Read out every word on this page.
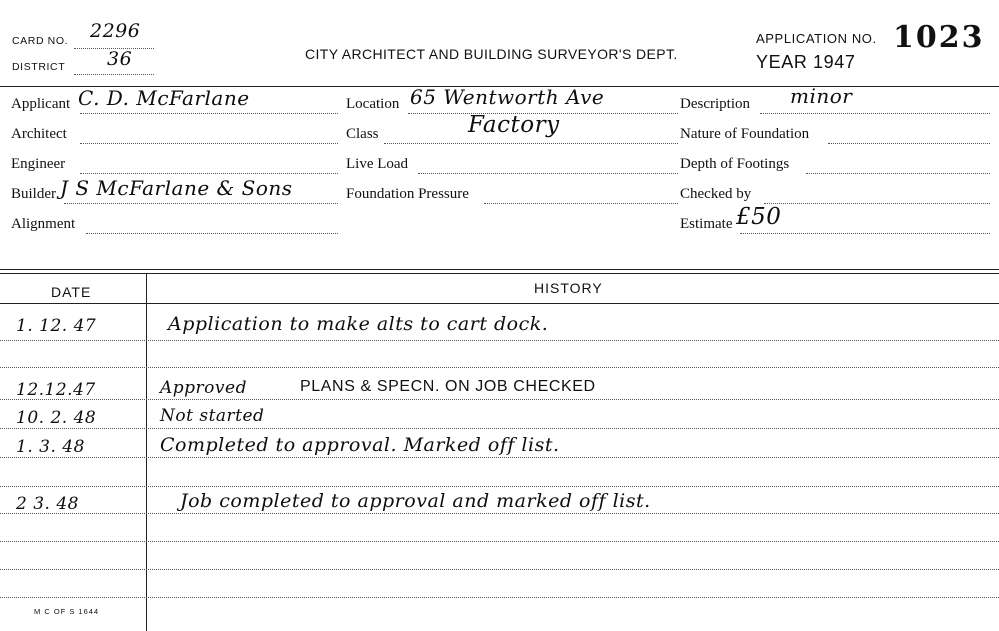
CARD NO. 2296
DISTRICT 36	CITY ARCHITECT AND BUILDING SURVEYOR'S DEPT.
APPLICATION NO. 1023
YEAR 1947
Applicant C. D. McFarlane
Architect
Engineer
Builder J S McFarlane & Sons
Alignment
Location 65 Wentworth Ave
Class	Factory
Live Load
Foundation Pressure
Description minor
Nature of Foundation
Depth of Footings
Checked by
Estimate £50
DATE	HISTORY
1. 12. 47	Application to make alts to cart dock.
12.12.47	Approved	PLANS & SPECN. ON JOB CHECKED
10. 2. 48	Not started
1. 3. 48	Completed to approval. Marked off list.
2 3. 48	Job completed to approval and marked off list.
M C OF S 1644
